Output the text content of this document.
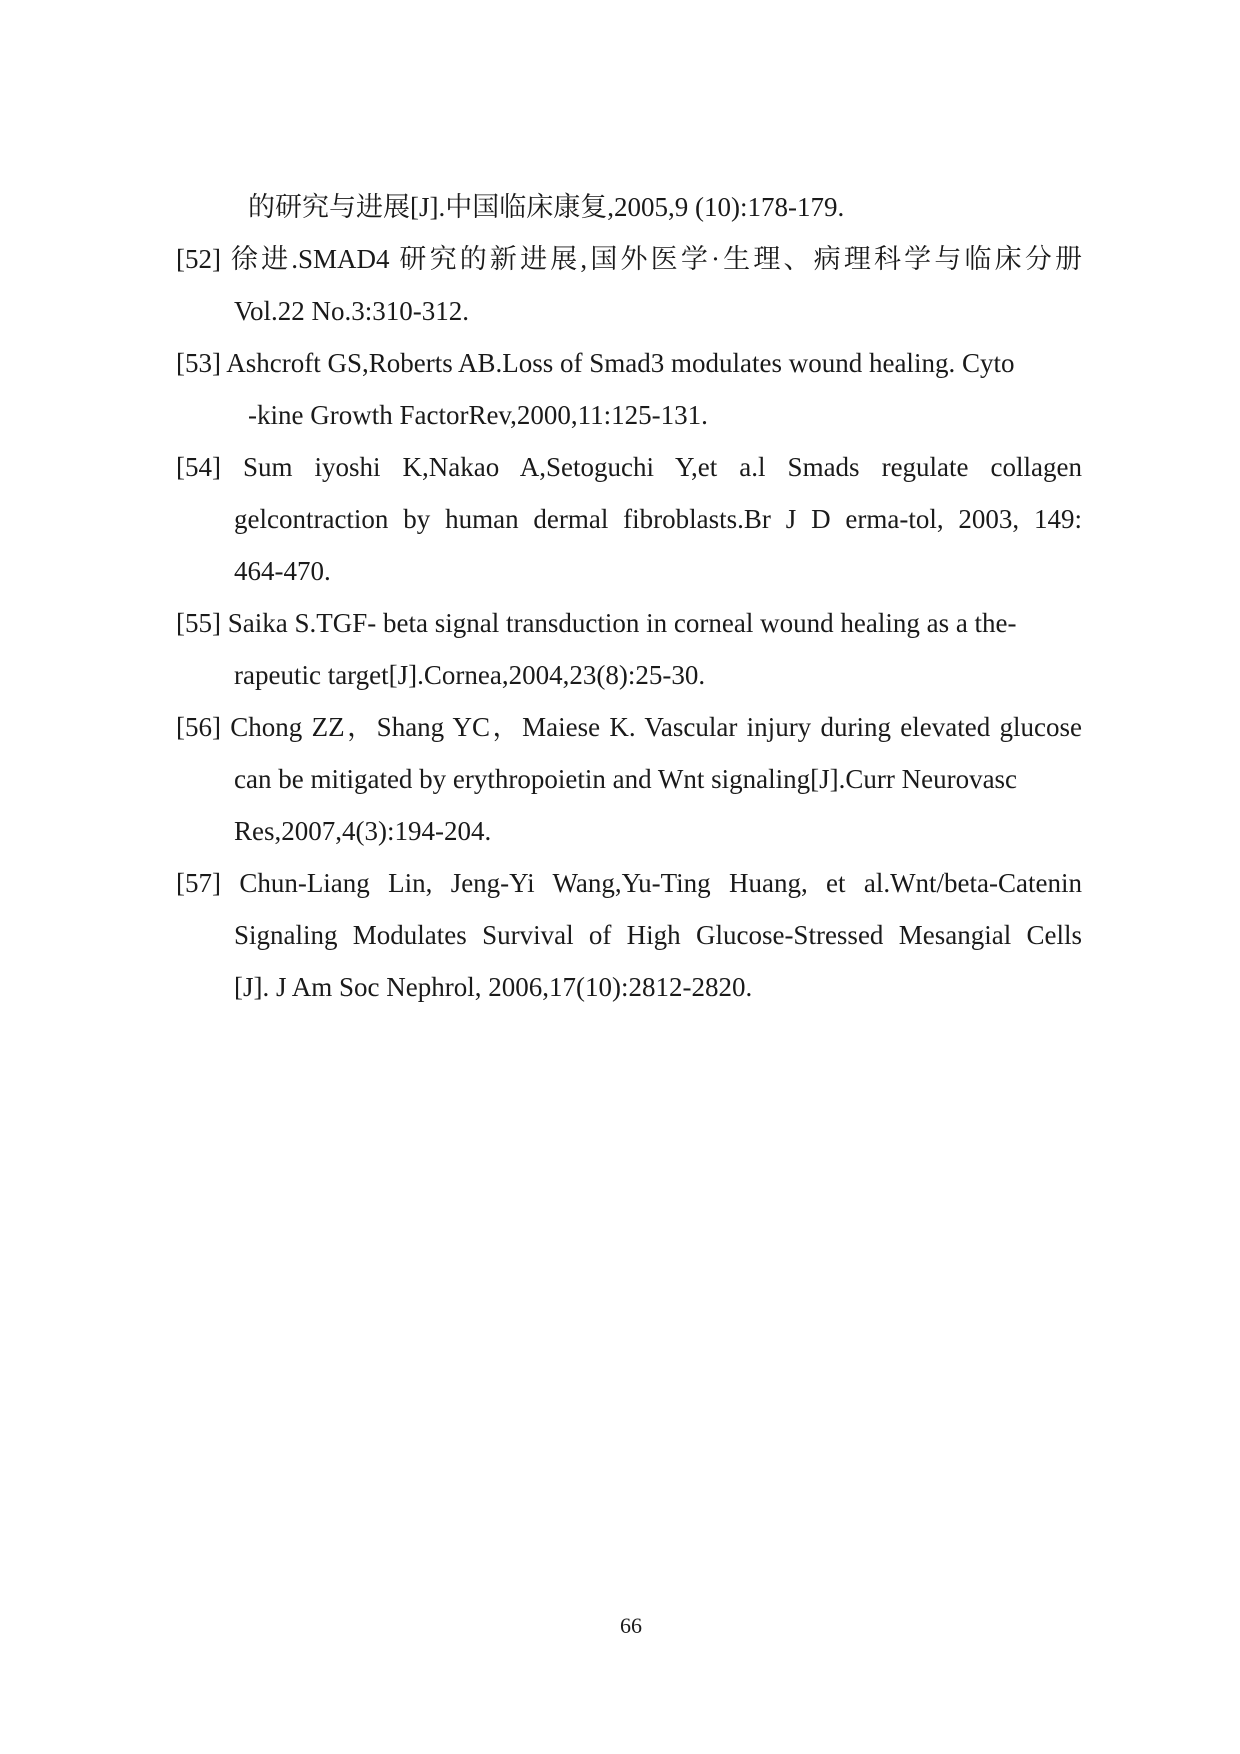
的研究与进展[J].中国临床康复,2005,9 (10):178-179.
[52] 徐进.SMAD4 研究的新进展,国外医学·生理、病理科学与临床分册
Vol.22 No.3:310-312.
[53] Ashcroft GS,Roberts AB.Loss of Smad3 modulates wound healing. Cyto
-kine Growth FactorRev,2000,11:125-131.
[54] Sum iyoshi K,Nakao A,Setoguchi Y,et a.l Smads regulate collagen
gelcontraction by human dermal fibroblasts.Br J D erma-tol, 2003, 149:
464-470.
[55] Saika S.TGF- beta signal transduction in corneal wound healing as a the-
rapeutic target[J].Cornea,2004,23(8):25-30.
[56] Chong ZZ，Shang YC，Maiese K. Vascular injury during elevated glucose
can be mitigated by erythropoietin and Wnt signaling[J].Curr Neurovasc
Res,2007,4(3):194-204.
[57] Chun-Liang Lin, Jeng-Yi Wang,Yu-Ting Huang, et al.Wnt/beta-Catenin
Signaling Modulates Survival of High Glucose-Stressed Mesangial Cells
[J]. J Am Soc Nephrol, 2006,17(10):2812-2820.
66
